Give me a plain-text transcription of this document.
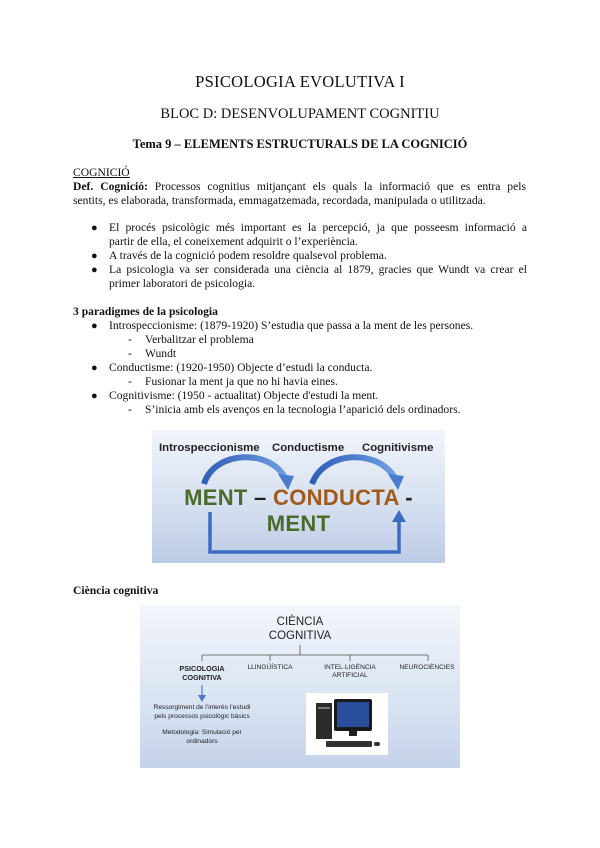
PSICOLOGIA EVOLUTIVA I
BLOC D: DESENVOLUPAMENT COGNITIU
Tema 9 – ELEMENTS ESTRUCTURALS DE LA COGNICIÓ
COGNICIÓ
Def. Cognició: Processos cognitius mitjançant els quals la informació que es entra pels
sentits, es elaborada, transformada, emmagatzemada, recordada, manipulada o utilitzada.
● El procés psicològic més important es la percepció, ja que posseesm informació a
partir de ella, el coneixement adquirit o l’experiència.
● A través de la cognició podem resoldre qualsevol problema.
● La psicologia va ser considerada una ciència al 1879, gracies que Wundt va crear el
primer laboratori de psicologia.
3 paradigmes de la psicologia
● Introspeccionisme: (1879-1920) S’estudia que passa a la ment de les persones.
- Verbalitzar el problema
- Wundt
● Conductisme: (1920-1950) Objecte d’estudi la conducta.
- Fusionar la ment ja que no hi havia eines.
● Cognitivisme: (1950 - actualitat) Objecte d'estudi la ment.
- S’inicia amb els avenços en la tecnologia l’aparició dels ordinadors.
Introspeccionisme Conductisme Cognitivisme
MENT – CONDUCTA - MENT
Ciència cognitiva
CIÈNCIA
COGNITIVA
PSICOLOGIA
COGNITIVA
LLINGÜÍSTICA	INTEL·LIGÈNCIA
ARTIFICIAL
NEUROCIÈNCIES
Ressorgiment de l’interès l’estudi
pels processos psicològic bàsics
Metodologia: Simulació per
ordinadors
